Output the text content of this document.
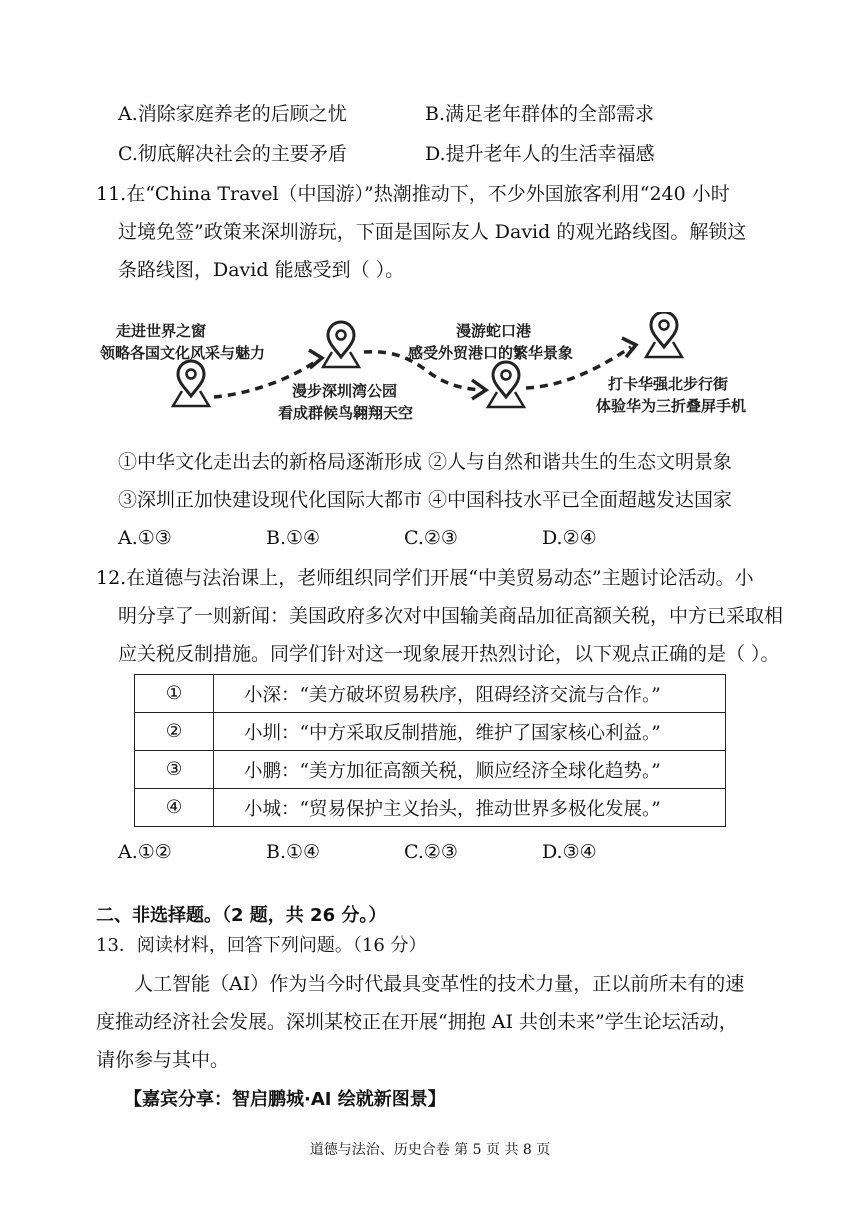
A.消除家庭养老的后顾之忧	B.满足老年群体的全部需求
C.彻底解决社会的主要矛盾	D.提升老年人的生活幸福感
11.在“China Travel（中国游）”热潮推动下，不少外国旅客利用“240 小时
过境免签”政策来深圳游玩，下面是国际友人 David 的观光路线图。解锁这
条路线图，David 能感受到（ ）。
走进世界之窗
领略各国文化风采与魅力
漫步深圳湾公园
看成群候鸟翱翔天空
漫游蛇口港
感受外贸港口的繁华景象
打卡华强北步行街
体验华为三折叠屏手机
①中华文化走出去的新格局逐渐形成 ②人与自然和谐共生的生态文明景象
③深圳正加快建设现代化国际大都市 ④中国科技水平已全面超越发达国家
A.①③	B.①④	C.②③	D.②④
12.在道德与法治课上，老师组织同学们开展“中美贸易动态”主题讨论活动。小
明分享了一则新闻：美国政府多次对中国输美商品加征高额关税，中方已采取相
应关税反制措施。同学们针对这一现象展开热烈讨论，以下观点正确的是（ ）。
①	小深：“美方破坏贸易秩序，阻碍经济交流与合作。”
②	小圳：“中方采取反制措施，维护了国家核心利益。”
③	小鹏：“美方加征高额关税，顺应经济全球化趋势。”
④	小城：“贸易保护主义抬头，推动世界多极化发展。”
A.①②	B.①④	C.②③	D.③④
二、非选择题。（2 题，共 26 分。）
13．阅读材料，回答下列问题。（16 分）
人工智能（AI）作为当今时代最具变革性的技术力量，正以前所未有的速
度推动经济社会发展。深圳某校正在开展“拥抱 AI 共创未来”学生论坛活动，
请你参与其中。
【嘉宾分享：智启鹏城·AI 绘就新图景】
道德与法治、历史合卷 第 5 页 共 8 页
